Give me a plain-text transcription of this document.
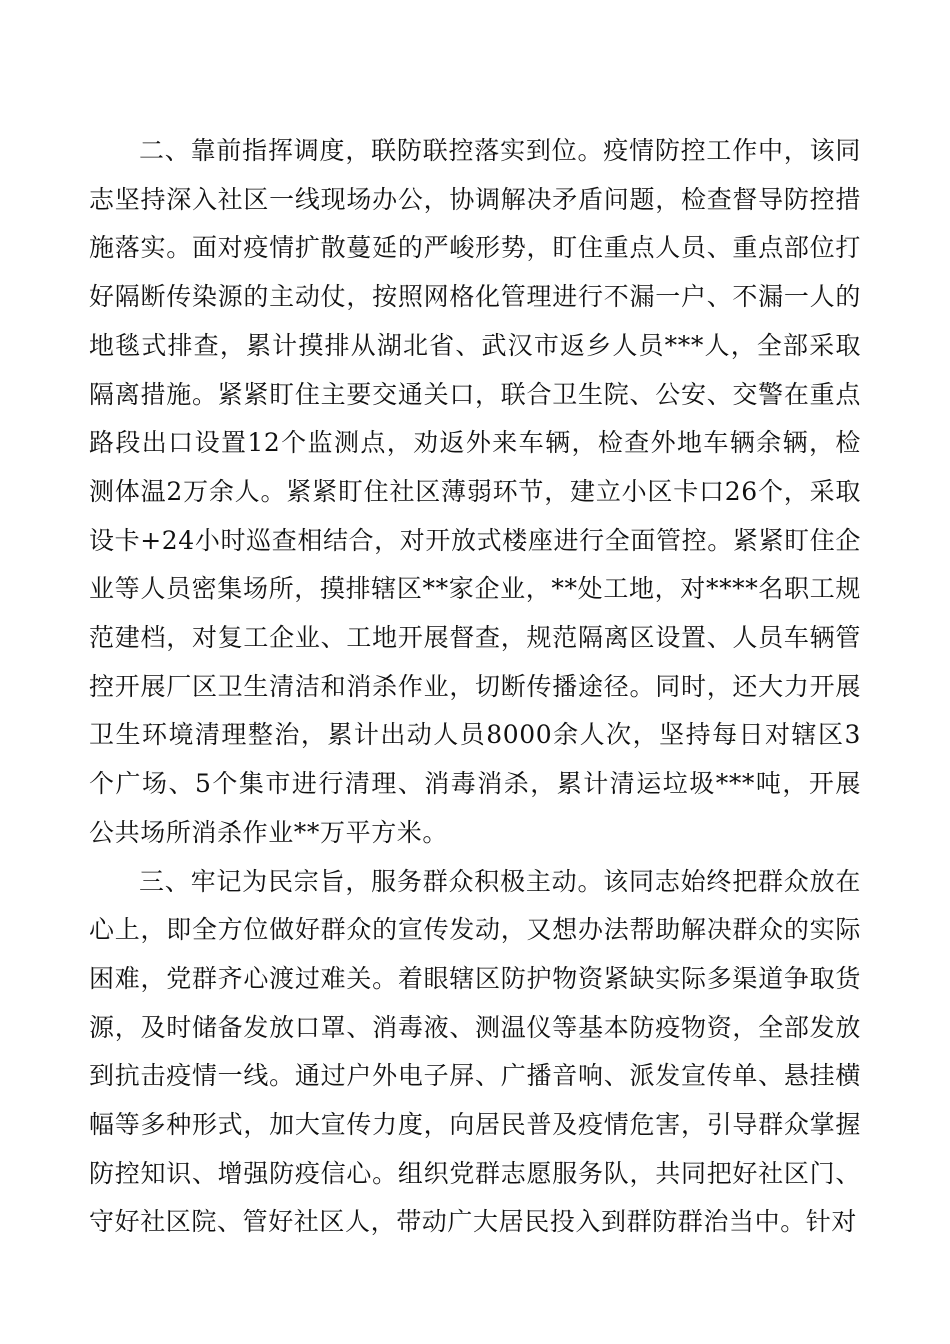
二、靠前指挥调度，联防联控落实到位。疫情防控工作中，该同志坚持深入社区一线现场办公，协调解决矛盾问题，检查督导防控措施落实。面对疫情扩散蔓延的严峻形势，盯住重点人员、重点部位打好隔断传染源的主动仗，按照网格化管理进行不漏一户、不漏一人的地毯式排查，累计摸排从湖北省、武汉市返乡人员***人，全部采取隔离措施。紧紧盯住主要交通关口，联合卫生院、公安、交警在重点路段出口设置12个监测点，劝返外来车辆，检查外地车辆余辆，检测体温2万余人。紧紧盯住社区薄弱环节，建立小区卡口26个，采取设卡+24小时巡查相结合，对开放式楼座进行全面管控。紧紧盯住企业等人员密集场所，摸排辖区**家企业，**处工地，对****名职工规范建档，对复工企业、工地开展督查，规范隔离区设置、人员车辆管控开展厂区卫生清洁和消杀作业，切断传播途径。同时，还大力开展卫生环境清理整治，累计出动人员8000余人次，坚持每日对辖区3个广场、5个集市进行清理、消毒消杀，累计清运垃圾***吨，开展公共场所消杀作业**万平方米。

三、牢记为民宗旨，服务群众积极主动。该同志始终把群众放在心上，即全方位做好群众的宣传发动，又想办法帮助解决群众的实际困难，党群齐心渡过难关。着眼辖区防护物资紧缺实际多渠道争取货源，及时储备发放口罩、消毒液、测温仪等基本防疫物资，全部发放到抗击疫情一线。通过户外电子屏、广播音响、派发宣传单、悬挂横幅等多种形式，加大宣传力度，向居民普及疫情危害，引导群众掌握防控知识、增强防疫信心。组织党群志愿服务队，共同把好社区门、守好社区院、管好社区人，带动广大居民投入到群防群治当中。针对
